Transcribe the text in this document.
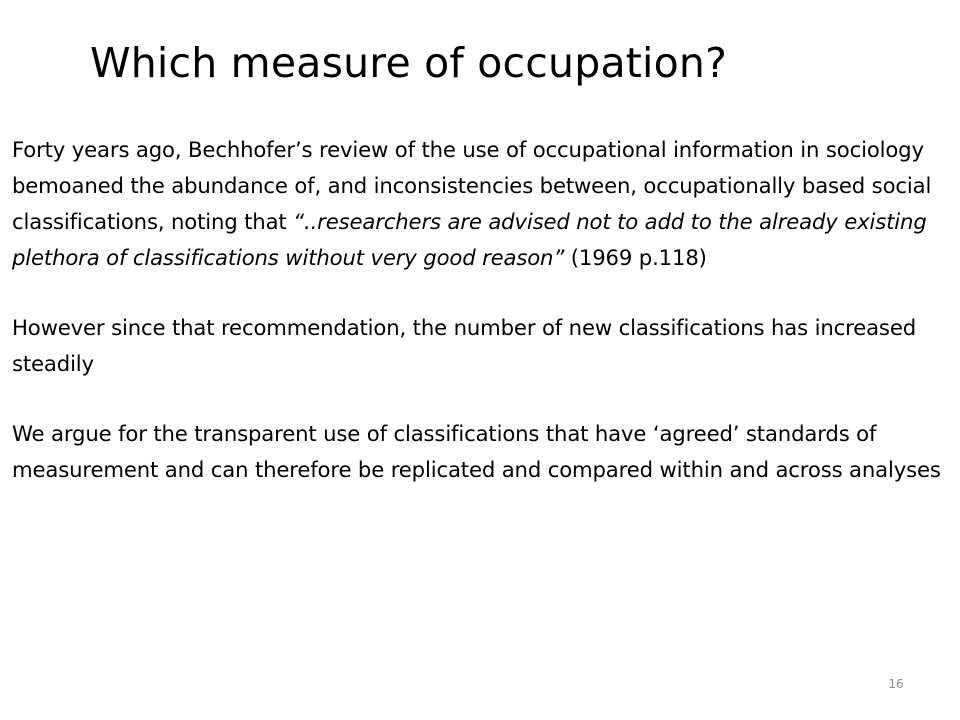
Which measure of occupation?

Forty years ago, Bechhofer’s review of the use of occupational information in sociology bemoaned the abundance of, and inconsistencies between, occupationally based social classifications, noting that “..researchers are advised not to add to the already existing plethora of classifications without very good reason” (1969 p.118)

However since that recommendation, the number of new classifications has increased steadily

We argue for the transparent use of classifications that have ‘agreed’ standards of measurement and can therefore be replicated and compared within and across analyses

16
